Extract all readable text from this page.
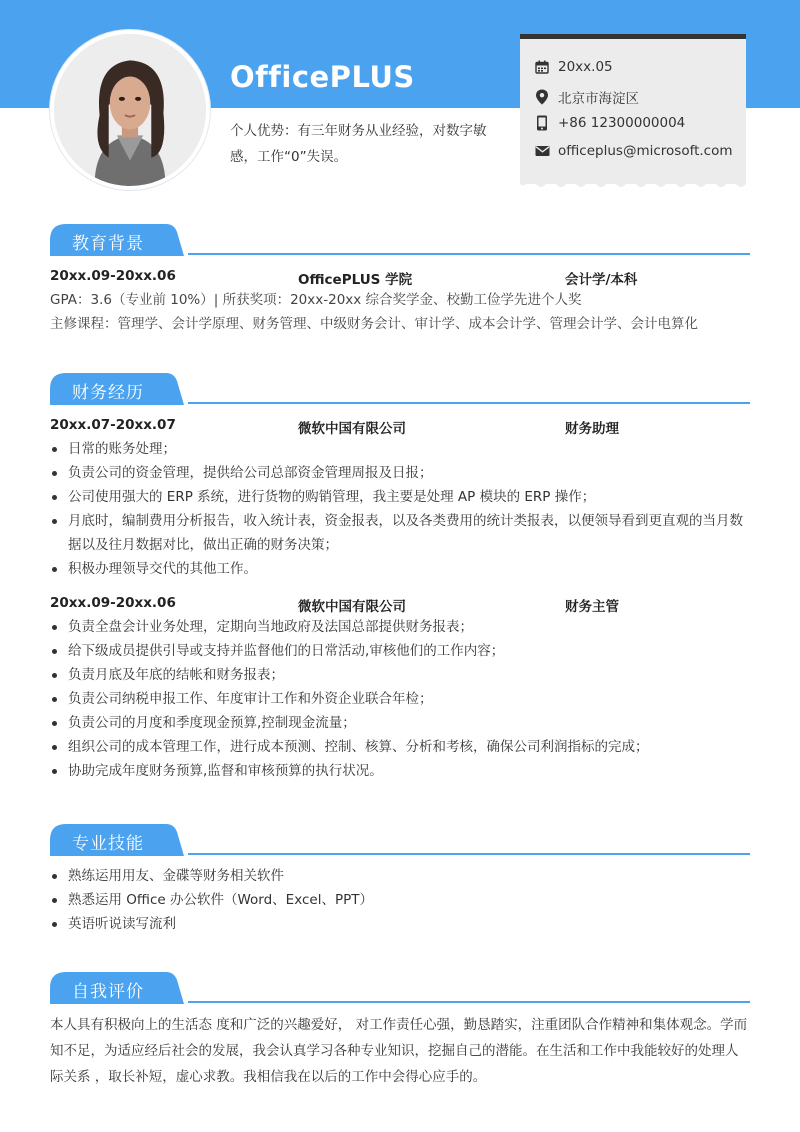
OfficePLUS
个人优势：有三年财务从业经验，对数字敏感，工作“0”失误。
20xx.05
北京市海淀区
+86 12300000004
officeplus@microsoft.com
教育背景
20xx.09-20xx.06	OfficePLUS 学院	会计学/本科
GPA：3.6（专业前 10%）| 所获奖项：20xx-20xx 综合奖学金、校勤工俭学先进个人奖
主修课程：管理学、会计学原理、财务管理、中级财务会计、审计学、成本会计学、管理会计学、会计电算化
财务经历
20xx.07-20xx.07	微软中国有限公司	财务助理
日常的账务处理；
负责公司的资金管理，提供给公司总部资金管理周报及日报；
公司使用强大的 ERP 系统，进行货物的购销管理，我主要是处理 AP 模块的 ERP 操作；
月底时，编制费用分析报告，收入统计表，资金报表，以及各类费用的统计类报表，以便领导看到更直观的当月数据以及往月数据对比，做出正确的财务决策；
积极办理领导交代的其他工作。
20xx.09-20xx.06	微软中国有限公司	财务主管
负责全盘会计业务处理，定期向当地政府及法国总部提供财务报表；
给下级成员提供引导或支持并监督他们的日常活动,审核他们的工作内容；
负责月底及年底的结帐和财务报表；
负责公司纳税申报工作、年度审计工作和外资企业联合年检；
负责公司的月度和季度现金预算,控制现金流量；
组织公司的成本管理工作，进行成本预测、控制、核算、分析和考核，确保公司利润指标的完成；
协助完成年度财务预算,监督和审核预算的执行状况。
专业技能
熟练运用用友、金碟等财务相关软件
熟悉运用 Office 办公软件（Word、Excel、PPT）
英语听说读写流利
自我评价
本人具有积极向上的生活态 度和广泛的兴趣爱好， 对工作责任心强，勤恳踏实，注重团队合作精神和集体观念。学而知不足，为适应经后社会的发展，我会认真学习各种专业知识，挖掘自己的潜能。在生活和工作中我能较好的处理人际关系 ，取长补短，虚心求教。我相信我在以后的工作中会得心应手的。
